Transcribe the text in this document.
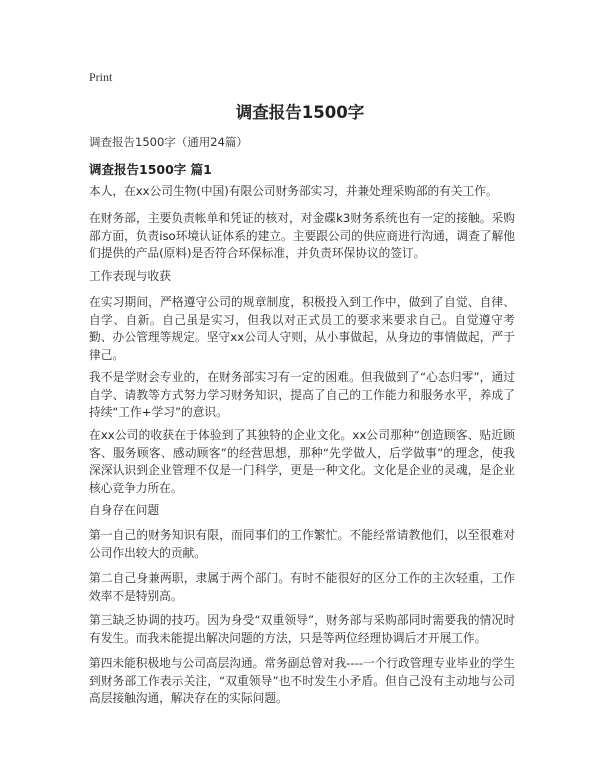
Print
调查报告1500字

调查报告1500字（通用24篇）

调查报告1500字 篇1

本人，在xx公司生物(中国)有限公司财务部实习，并兼处理采购部的有关工作。

在财务部，主要负责帐单和凭证的核对，对金碟k3财务系统也有一定的接触。采购部方面，负责iso环境认证体系的建立。主要跟公司的供应商进行沟通，调查了解他们提供的产品(原料)是否符合环保标准，并负责环保协议的签订。

工作表现与收获

在实习期间，严格遵守公司的规章制度，积极投入到工作中，做到了自觉、自律、自学、自新。自己虽是实习，但我以对正式员工的要求来要求自己。自觉遵守考勤、办公管理等规定。坚守xx公司人守则，从小事做起，从身边的事情做起，严于律己。

我不是学财会专业的，在财务部实习有一定的困难。但我做到了“心态归零”，通过自学、请教等方式努力学习财务知识，提高了自己的工作能力和服务水平，养成了持续“工作+学习”的意识。

在xx公司的收获在于体验到了其独特的企业文化。xx公司那种“创造顾客、贴近顾客、服务顾客、感动顾客”的经营思想，那种“先学做人，后学做事”的理念，使我深深认识到企业管理不仅是一门科学，更是一种文化。文化是企业的灵魂，是企业核心竞争力所在。

自身存在问题

第一自己的财务知识有限，而同事们的工作繁忙。不能经常请教他们，以至很难对公司作出较大的贡献。

第二自己身兼两职，隶属于两个部门。有时不能很好的区分工作的主次轻重，工作效率不是特别高。

第三缺乏协调的技巧。因为身受“双重领导”，财务部与采购部同时需要我的情况时有发生。而我未能提出解决问题的方法，只是等两位经理协调后才开展工作。

第四未能积极地与公司高层沟通。常务副总曾对我----一个行政管理专业毕业的学生到财务部工作表示关注，“双重领导”也不时发生小矛盾。但自己没有主动地与公司高层接触沟通，解决存在的实际问题。
